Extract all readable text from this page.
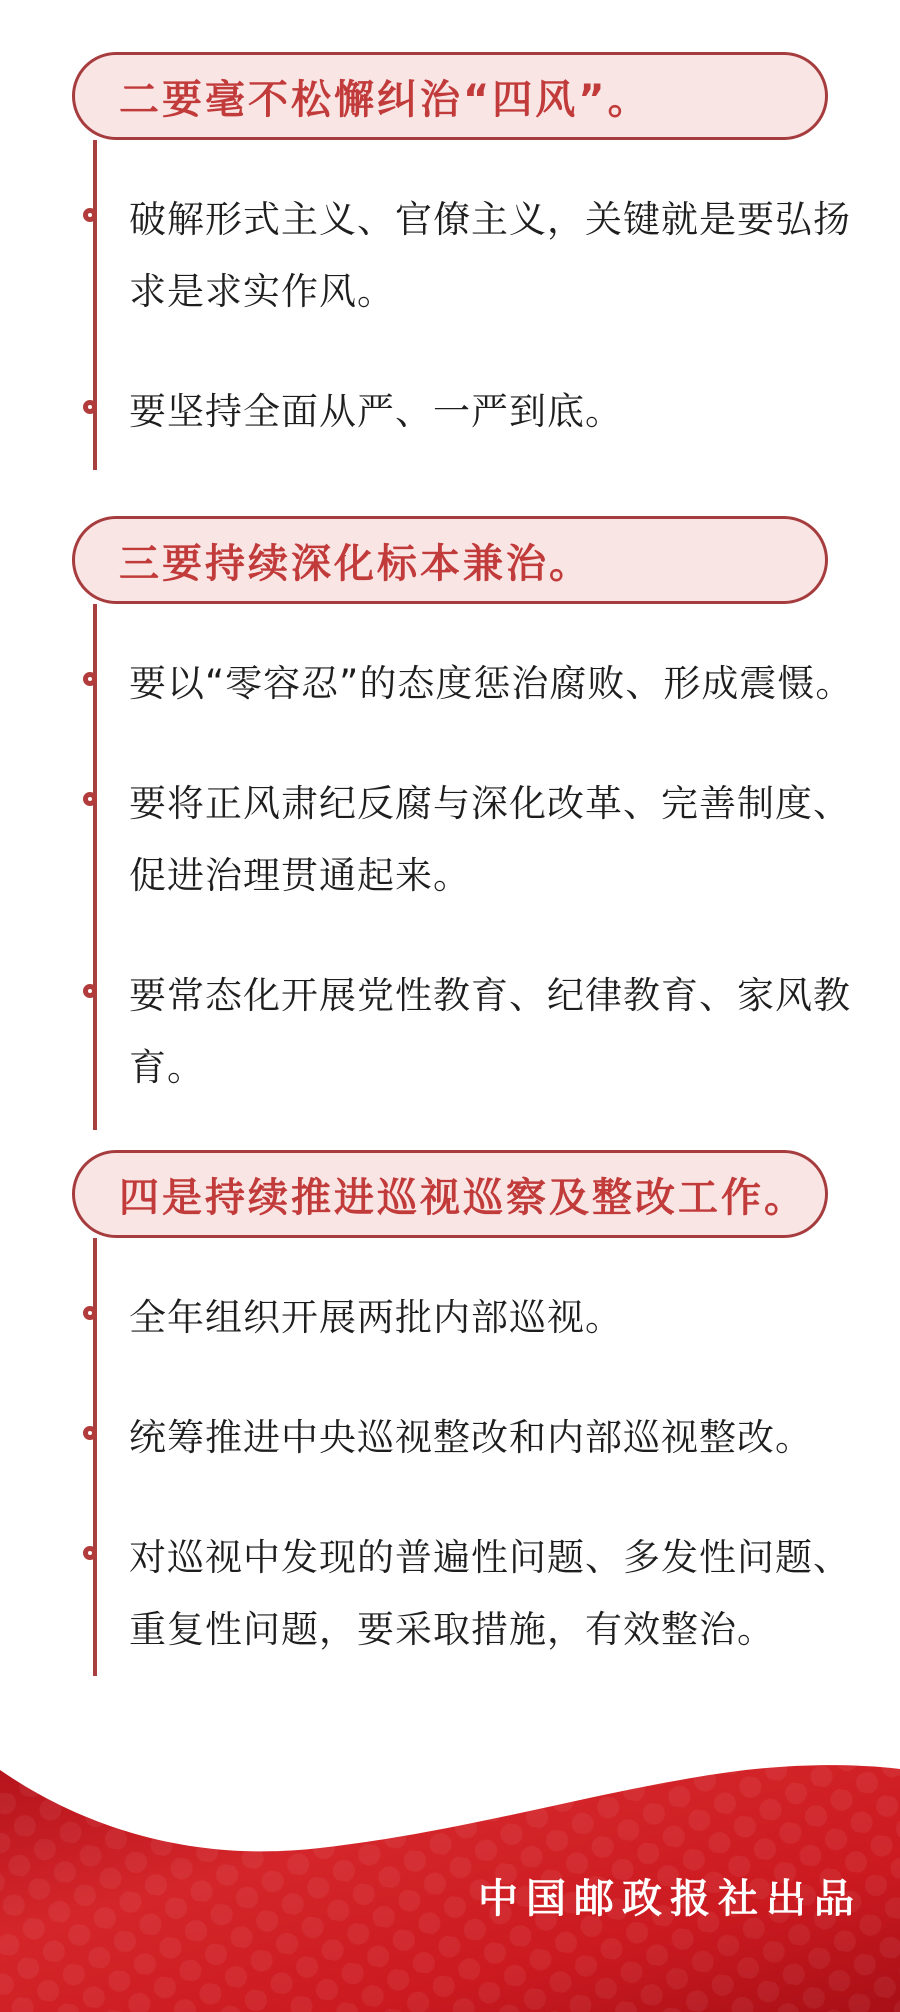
二要毫不松懈纠治“四风”。
破解形式主义、官僚主义，关键就是要弘扬求是求实作风。
要坚持全面从严、一严到底。
三要持续深化标本兼治。
要以“零容忍”的态度惩治腐败、形成震慑。
要将正风肃纪反腐与深化改革、完善制度、促进治理贯通起来。
要常态化开展党性教育、纪律教育、家风教育。
四是持续推进巡视巡察及整改工作。
全年组织开展两批内部巡视。
统筹推进中央巡视整改和内部巡视整改。
对巡视中发现的普遍性问题、多发性问题、重复性问题，要采取措施，有效整治。
中国邮政报社出品
